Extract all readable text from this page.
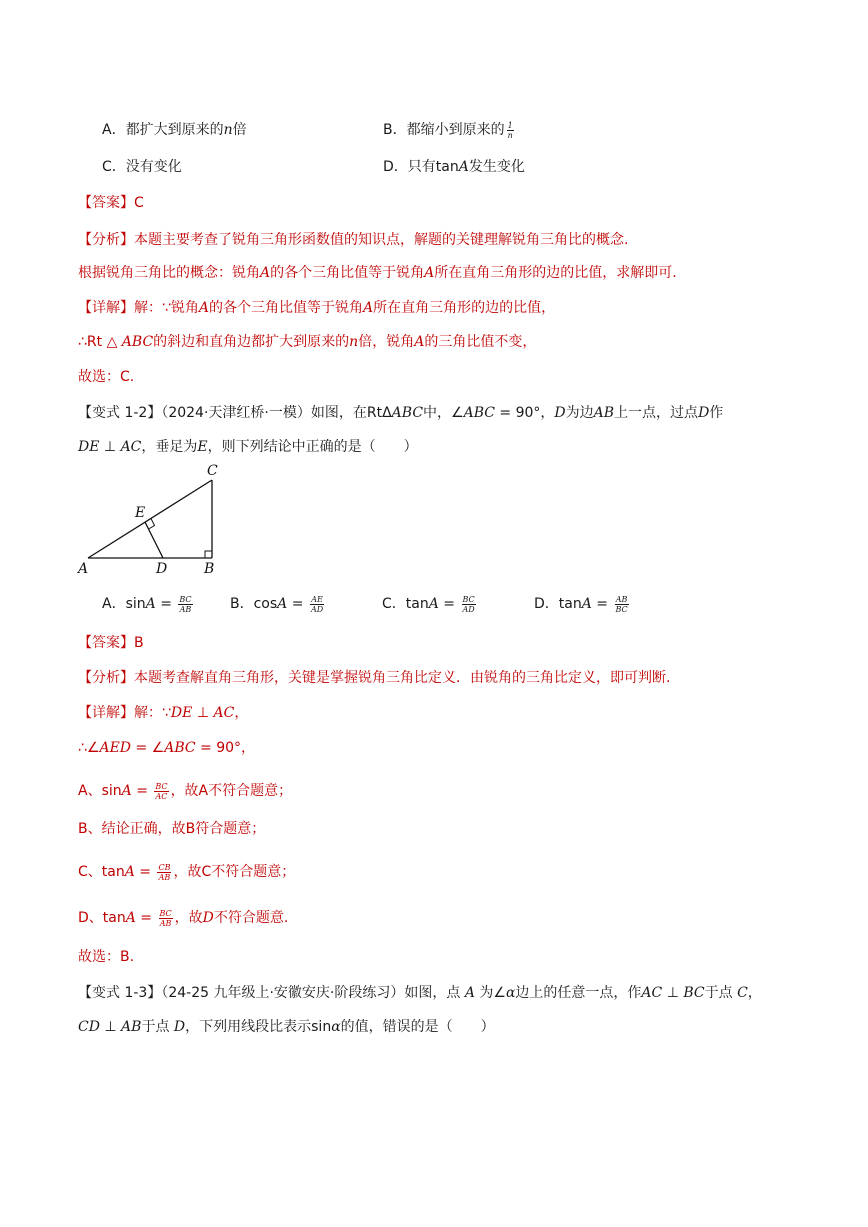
A．都扩大到原来的n倍	B．都缩小到原来的 $\frac{1}{n}$
C．没有变化	D．只有tanA发生变化
【答案】C
【分析】本题主要考查了锐角三角形函数值的知识点，解题的关键理解锐角三角比的概念.
根据锐角三角比的概念：锐角A的各个三角比值等于锐角A所在直角三角形的边的比值，求解即可.
【详解】解：∵锐角A的各个三角比值等于锐角A所在直角三角形的边的比值，
∴Rt △ ABC的斜边和直角边都扩大到原来的n倍，锐角A的三角比值不变，
故选：C.
【变式 1-2】（2024·天津红桥·一模）如图，在RtΔABC中，∠ABC = 90°，D为边AB上一点，过点D作
DE ⊥ AC，垂足为E，则下列结论中正确的是（　　）
A	D	B
C
E
A．$\sin A = \frac{BC}{AB}$	B．$\cos A = \frac{AE}{AD}$	C．$\tan A = \frac{BC}{AD}$	D．$\tan A = \frac{AB}{BC}$
【答案】B
【分析】本题考查解直角三角形，关键是掌握锐角三角比定义．由锐角的三角比定义，即可判断.
【详解】解：∵DE ⊥ AC，
∴∠AED = ∠ABC = 90°，
A、$\sin A = \frac{BC}{AC}$ ，故A不符合题意；
B、结论正确，故B符合题意；
C、$\tan A = \frac{CB}{AB}$ ，故C不符合题意；
D、$\tan A = \frac{BC}{AB}$ ，故D不符合题意.
故选：B.
【变式 1-3】（24-25 九年级上·安徽安庆·阶段练习）如图，点 A 为∠α边上的任意一点，作AC ⊥ BC于点 C，
CD ⊥ AB于点 D，下列用线段比表示sinα的值，错误的是（　　）
